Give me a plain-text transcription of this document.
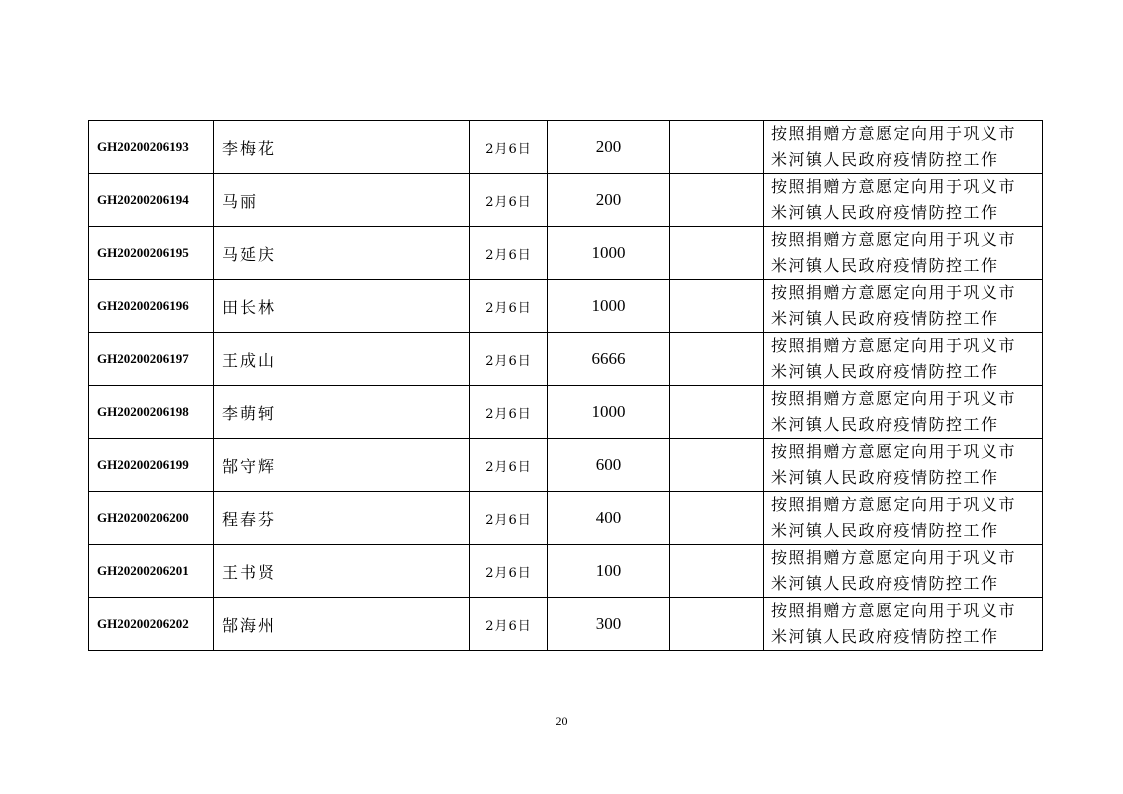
GH20200206193	李梅花	2月6日	200		按照捐赠方意愿定向用于巩义市
米河镇人民政府疫情防控工作
GH20200206194	马丽	2月6日	200		按照捐赠方意愿定向用于巩义市
米河镇人民政府疫情防控工作
GH20200206195	马延庆	2月6日	1000		按照捐赠方意愿定向用于巩义市
米河镇人民政府疫情防控工作
GH20200206196	田长林	2月6日	1000		按照捐赠方意愿定向用于巩义市
米河镇人民政府疫情防控工作
GH20200206197	王成山	2月6日	6666		按照捐赠方意愿定向用于巩义市
米河镇人民政府疫情防控工作
GH20200206198	李萌轲	2月6日	1000		按照捐赠方意愿定向用于巩义市
米河镇人民政府疫情防控工作
GH20200206199	郜守辉	2月6日	600		按照捐赠方意愿定向用于巩义市
米河镇人民政府疫情防控工作
GH20200206200	程春芬	2月6日	400		按照捐赠方意愿定向用于巩义市
米河镇人民政府疫情防控工作
GH20200206201	王书贤	2月6日	100		按照捐赠方意愿定向用于巩义市
米河镇人民政府疫情防控工作
GH20200206202	郜海州	2月6日	300		按照捐赠方意愿定向用于巩义市
米河镇人民政府疫情防控工作
20
